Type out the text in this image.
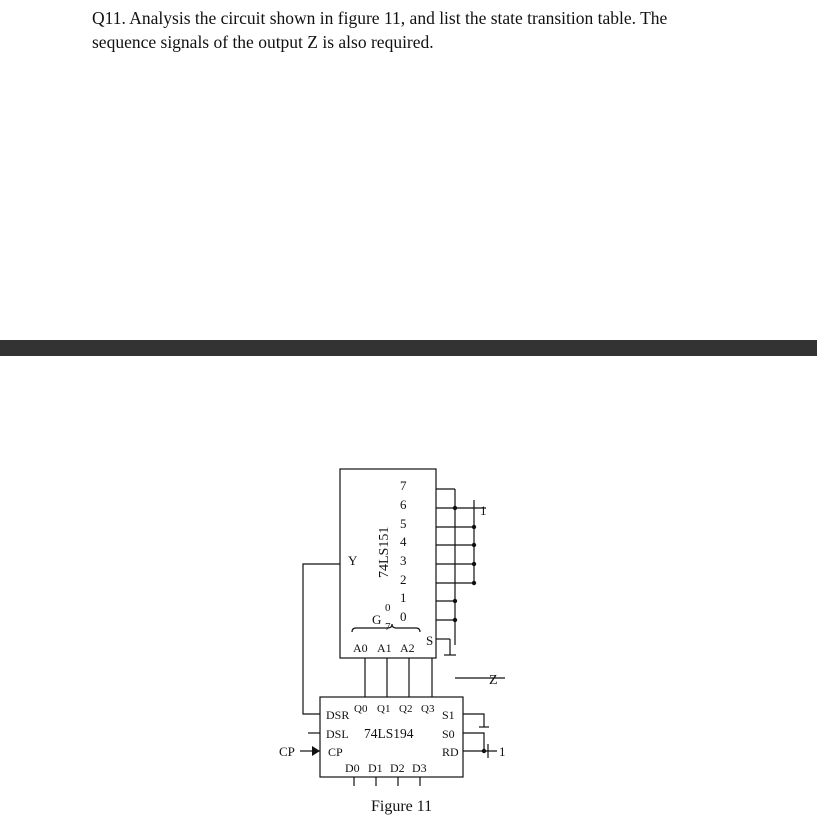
Q11. Analysis the circuit shown in figure 11, and list the state transition table. The

sequence signals of the output Z is also required.

7
6
5
4
3
2
1
0
S
Y 74LS151
0
G 7
A0 A1 A2
Q0 Q1 Q2 Q3
DSR
DSL
CP
74LS194
S1
S0
RD
D0 D1 D2 D3
1
1
Z
CP
Figure 11
